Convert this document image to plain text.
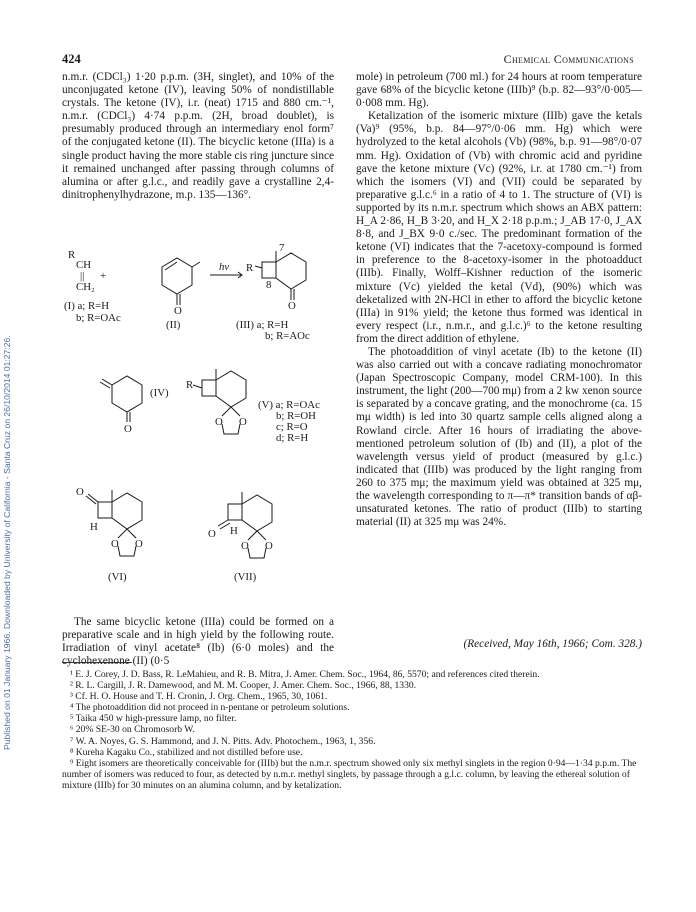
Published on 01 January 1966. Downloaded by University of California - Santa Cruz on 26/10/2014 01:27:26.
424	Chemical Communications

n.m.r. (CDCl₃) 1·20 p.p.m. (3H, singlet), and 10% of the unconjugated ketone (IV), leaving 50% of nondistillable crystals. The ketone (IV), i.r. (neat) 1715 and 880 cm.⁻¹, n.m.r. (CDCl₃) 4·74 p.p.m. (2H, broad doublet), is presumably produced through an intermediary enol form⁷ of the conjugated ketone (II). The bicyclic ketone (IIIa) is a single product having the more stable cis ring juncture since it remained unchanged after passing through columns of alumina or after g.l.c., and readily gave a crystalline 2,4-dinitrophenylhydrazone, m.p. 135—136°.

R
CH
||
CH₂
+
(I) a; R=H
b; R=OAc
O
(II)
hν R
7
8
O
(III) a; R=H
b; R=AOc
(IV)
O
R
O O
(V) a; R=OAc
b; R=OH
c; R=O
d; R=H
O
H
O O
(VI)
O H
O O
(VII)

The same bicyclic ketone (IIIa) could be formed on a preparative scale and in high yield by the following route. Irradiation of vinyl acetate⁸ (Ib) (6·0 moles) and the cyclohexenone (II) (0·5

mole) in petroleum (700 ml.) for 24 hours at room temperature gave 68% of the bicyclic ketone (IIIb)⁹ (b.p. 82—93°/0·005—0·008 mm. Hg).

Ketalization of the isomeric mixture (IIIb) gave the ketals (Va)⁹ (95%, b.p. 84—97°/0·06 mm. Hg) which were hydrolyzed to the ketal alcohols (Vb) (98%, b.p. 91—98°/0·07 mm. Hg). Oxidation of (Vb) with chromic acid and pyridine gave the ketone mixture (Vc) (92%, i.r. at 1780 cm.⁻¹) from which the isomers (VI) and (VII) could be separated by preparative g.l.c.⁶ in a ratio of 4 to 1. The structure of (VI) is supported by its n.m.r. spectrum which shows an ABX pattern: H_A 2·86, H_B 3·20, and H_X 2·18 p.p.m.; J_AB 17·0, J_AX 8·8, and J_BX 9·0 c./sec. The predominant formation of the ketone (VI) indicates that the 7-acetoxy-compound is formed in preference to the 8-acetoxy-isomer in the photoadduct (IIIb). Finally, Wolff–Kishner reduction of the isomeric mixture (Vc) yielded the ketal (Vd), (90%) which was deketalized with 2N-HCl in ether to afford the bicyclic ketone (IIIa) in 91% yield; the ketone thus formed was identical in every respect (i.r., n.m.r., and g.l.c.)⁶ to the ketone resulting from the direct addition of ethylene.

The photoaddition of vinyl acetate (Ib) to the ketone (II) was also carried out with a concave radiating monochromator (Japan Spectroscopic Company, model CRM-100). In this instrument, the light (200—700 mμ) from a 2 kw xenon source is separated by a concave grating, and the monochrome (ca. 15 mμ width) is led into 30 quartz sample cells aligned along a Rowland circle. After 16 hours of irradiating the above-mentioned petroleum solution of (Ib) and (II), a plot of the wavelength versus yield of product (measured by g.l.c.) indicated that (IIIb) was produced by the light ranging from 260 to 375 mμ; the maximum yield was obtained at 325 mμ, the wavelength corresponding to π—π* transition bands of αβ-unsaturated ketones. The ratio of product (IIIb) to starting material (II) at 325 mμ was 24%.

(Received, May 16th, 1966; Com. 328.)

¹ E. J. Corey, J. D. Bass, R. LeMahieu, and R. B. Mitra, J. Amer. Chem. Soc., 1964, 86, 5570; and references cited therein.

² R. L. Cargill, J. R. Damewood, and M. M. Cooper, J. Amer. Chem. Soc., 1966, 88, 1330.

³ Cf. H. O. House and T. H. Cronin, J. Org. Chem., 1965, 30, 1061.

⁴ The photoaddition did not proceed in n-pentane or petroleum solutions.

⁵ Taika 450 w high-pressure lamp, no filter.

⁶ 20% SE-30 on Chromosorb W.

⁷ W. A. Noyes, G. S. Hammond, and J. N. Pitts. Adv. Photochem., 1963, 1, 356.

⁸ Kureha Kagaku Co., stabilized and not distilled before use.

⁹ Eight isomers are theoretically conceivable for (IIIb) but the n.m.r. spectrum showed only six methyl singlets in the region 0·94—1·34 p.p.m. The number of isomers was reduced to four, as detected by n.m.r. methyl singlets, by passage through a g.l.c. column, by leaving the ethereal solution of mixture (IIIb) for 30 minutes on an alumina column, and by ketalization.
